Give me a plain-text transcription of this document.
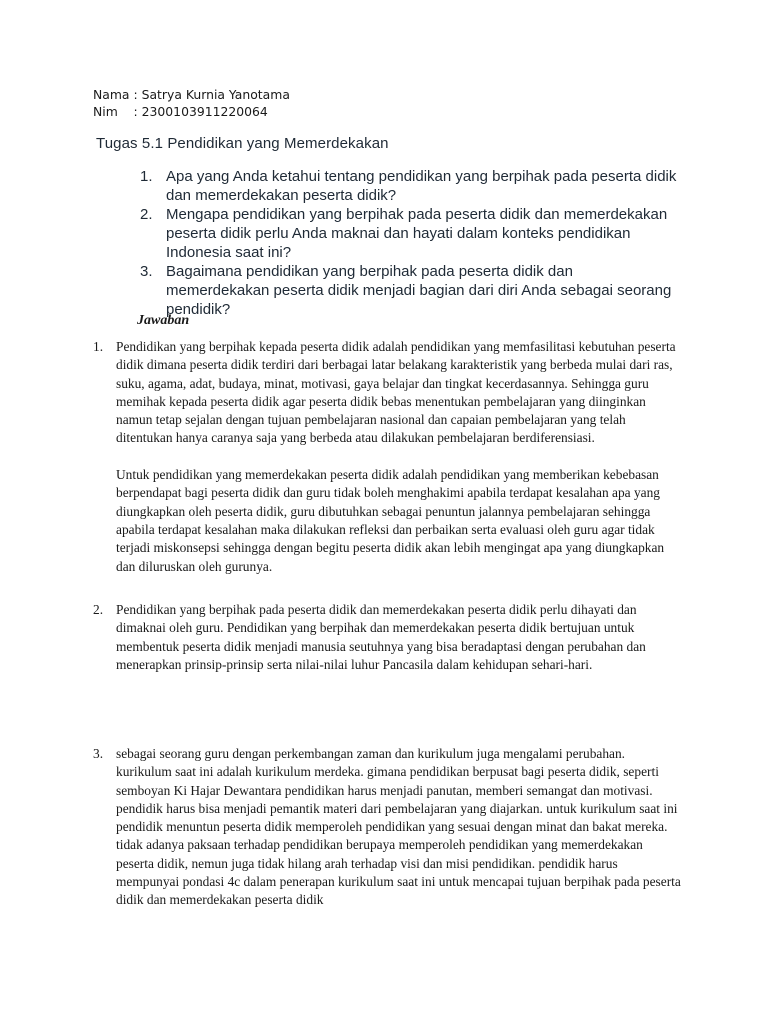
Nama : Satrya Kurnia Yanotama
Nim    : 2300103911220064
Tugas 5.1 Pendidikan yang Memerdekakan
1. Apa yang Anda ketahui tentang pendidikan yang berpihak pada peserta didik dan memerdekakan peserta didik?
2. Mengapa pendidikan yang berpihak pada peserta didik dan memerdekakan peserta didik perlu Anda maknai dan hayati dalam konteks pendidikan Indonesia saat ini?
3. Bagaimana pendidikan yang berpihak pada peserta didik dan memerdekakan peserta didik menjadi bagian dari diri Anda sebagai seorang pendidik?
Jawaban
1. Pendidikan yang berpihak kepada peserta didik adalah pendidikan yang memfasilitasi kebutuhan peserta didik dimana peserta didik terdiri dari berbagai latar belakang karakteristik yang berbeda mulai dari ras, suku, agama, adat, budaya, minat, motivasi, gaya belajar dan tingkat kecerdasannya. Sehingga guru memihak kepada peserta didik agar peserta didik bebas menentukan pembelajaran yang diinginkan namun tetap sejalan dengan tujuan pembelajaran nasional dan capaian pembelajaran yang telah ditentukan hanya caranya saja yang berbeda atau dilakukan pembelajaran berdiferensiasi.

Untuk pendidikan yang memerdekakan peserta didik adalah pendidikan yang memberikan kebebasan berpendapat bagi peserta didik dan guru tidak boleh menghakimi apabila terdapat kesalahan apa yang diungkapkan oleh peserta didik, guru dibutuhkan sebagai penuntun jalannya pembelajaran sehingga apabila terdapat kesalahan maka dilakukan refleksi dan perbaikan serta evaluasi oleh guru agar tidak terjadi miskonsepsi sehingga dengan begitu peserta didik akan lebih mengingat apa yang diungkapkan dan diluruskan oleh gurunya.

2. Pendidikan yang berpihak pada peserta didik dan memerdekakan peserta didik perlu dihayati dan dimaknai oleh guru. Pendidikan yang berpihak dan memerdekakan peserta didik bertujuan untuk membentuk peserta didik menjadi manusia seutuhnya yang bisa beradaptasi dengan perubahan dan menerapkan prinsip-prinsip serta nilai-nilai luhur Pancasila dalam kehidupan sehari-hari.

3. sebagai seorang guru dengan perkembangan zaman dan kurikulum juga mengalami perubahan. kurikulum saat ini adalah kurikulum merdeka. gimana pendidikan berpusat bagi peserta didik, seperti semboyan Ki Hajar Dewantara pendidikan harus menjadi panutan, memberi semangat dan motivasi. pendidik harus bisa menjadi pemantik materi dari pembelajaran yang diajarkan. untuk kurikulum saat ini pendidik menuntun peserta didik memperoleh pendidikan yang sesuai dengan minat dan bakat mereka. tidak adanya paksaan terhadap pendidikan berupaya memperoleh pendidikan yang memerdekakan peserta didik, nemun juga tidak hilang arah terhadap visi dan misi pendidikan. pendidik harus mempunyai pondasi 4c dalam penerapan kurikulum saat ini untuk mencapai tujuan berpihak pada peserta didik dan memerdekakan peserta didik
